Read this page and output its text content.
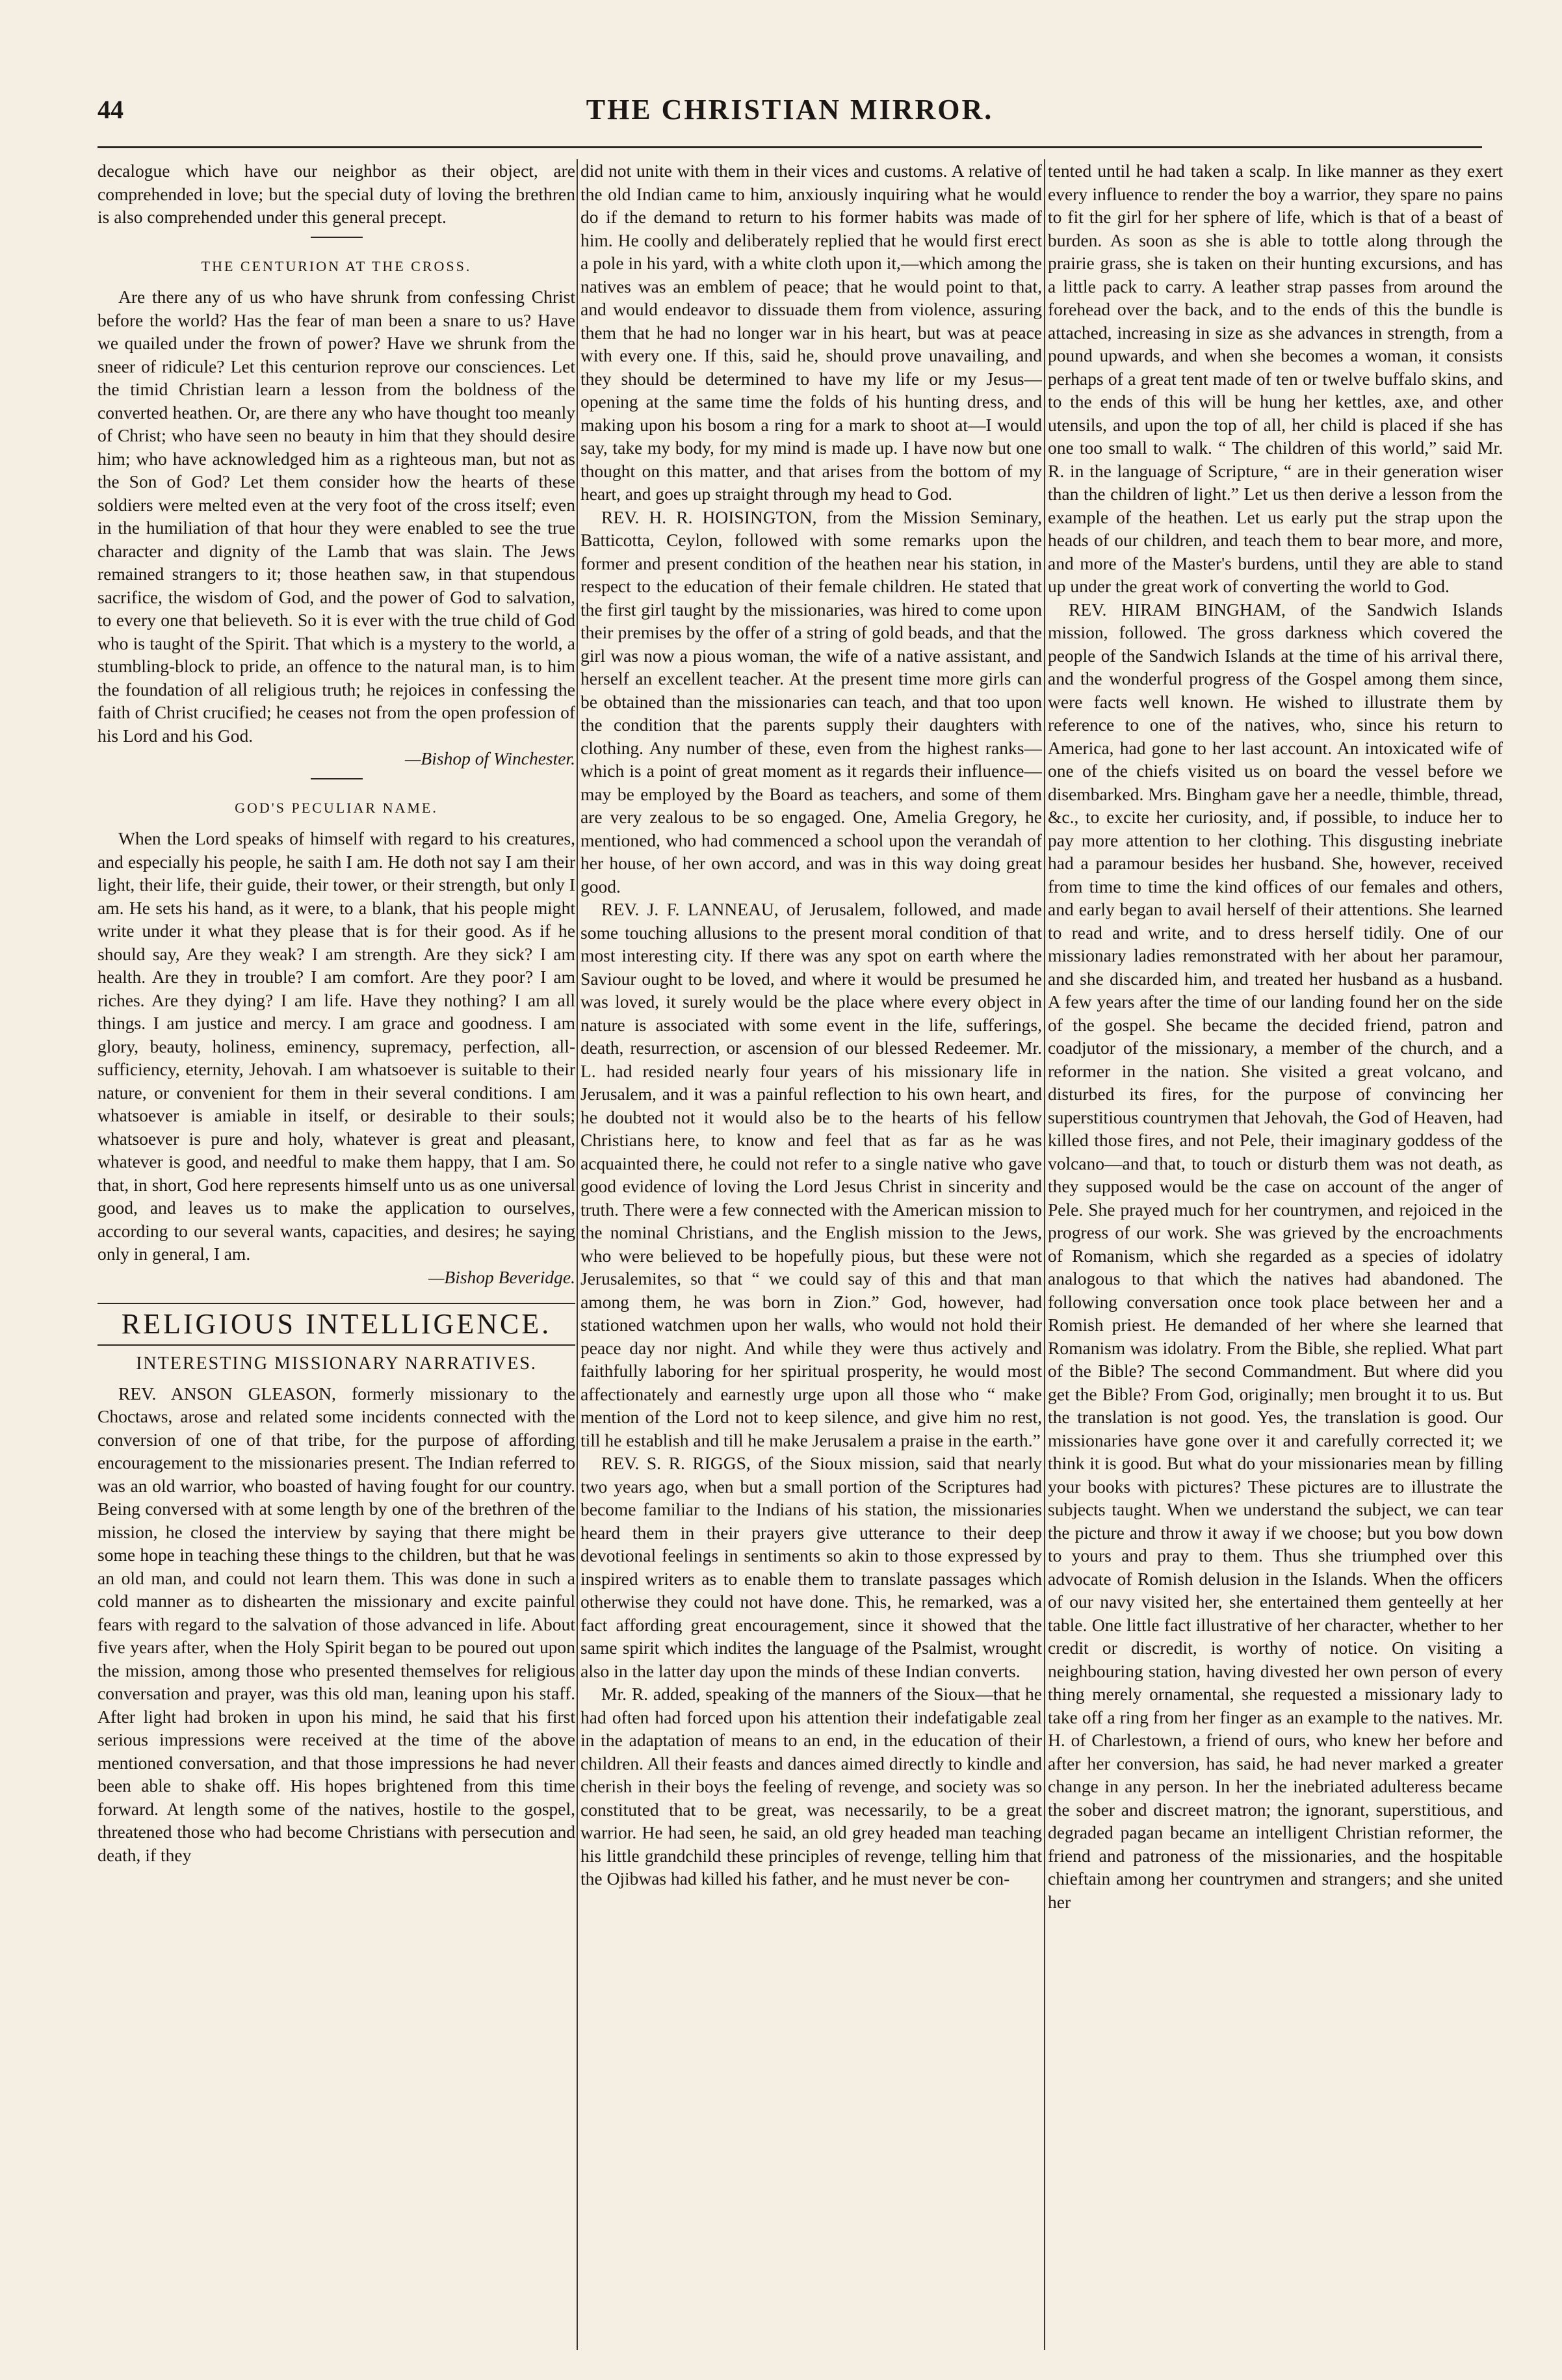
44	THE CHRISTIAN MIRROR.

decalogue which have our neighbor as their object, are comprehended in love; but the special duty of loving the brethren is also comprehended under this general precept.

THE CENTURION AT THE CROSS.

Are there any of us who have shrunk from confessing Christ before the world? Has the fear of man been a snare to us? Have we quailed under the frown of power? Have we shrunk from the sneer of ridicule? Let this centurion reprove our consciences. Let the timid Christian learn a lesson from the boldness of the converted heathen. Or, are there any who have thought too meanly of Christ; who have seen no beauty in him that they should desire him; who have acknowledged him as a righteous man, but not as the Son of God? Let them consider how the hearts of these soldiers were melted even at the very foot of the cross itself; even in the humiliation of that hour they were enabled to see the true character and dignity of the Lamb that was slain. The Jews remained strangers to it; those heathen saw, in that stupendous sacrifice, the wisdom of God, and the power of God to salvation, to every one that believeth. So it is ever with the true child of God who is taught of the Spirit. That which is a mystery to the world, a stumbling-block to pride, an offence to the natural man, is to him the foundation of all religious truth; he rejoices in confessing the faith of Christ crucified; he ceases not from the open profession of his Lord and his God.

—Bishop of Winchester.

GOD'S PECULIAR NAME.

When the Lord speaks of himself with regard to his creatures, and especially his people, he saith I am. He doth not say I am their light, their life, their guide, their tower, or their strength, but only I am. He sets his hand, as it were, to a blank, that his people might write under it what they please that is for their good. As if he should say, Are they weak? I am strength. Are they sick? I am health. Are they in trouble? I am comfort. Are they poor? I am riches. Are they dying? I am life. Have they nothing? I am all things. I am justice and mercy. I am grace and goodness. I am glory, beauty, holiness, eminency, supremacy, perfection, all-sufficiency, eternity, Jehovah. I am whatsoever is suitable to their nature, or convenient for them in their several conditions. I am whatsoever is amiable in itself, or desirable to their souls; whatsoever is pure and holy, whatever is great and pleasant, whatever is good, and needful to make them happy, that I am. So that, in short, God here represents himself unto us as one universal good, and leaves us to make the application to ourselves, according to our several wants, capacities, and desires; he saying only in general, I am.

—Bishop Beveridge.

RELIGIOUS INTELLIGENCE.
INTERESTING MISSIONARY NARRATIVES.

REV. ANSON GLEASON, formerly missionary to the Choctaws, arose and related some incidents connected with the conversion of one of that tribe, for the purpose of affording encouragement to the missionaries present. The Indian referred to was an old warrior, who boasted of having fought for our country. Being conversed with at some length by one of the brethren of the mission, he closed the interview by saying that there might be some hope in teaching these things to the children, but that he was an old man, and could not learn them. This was done in such a cold manner as to dishearten the missionary and excite painful fears with regard to the salvation of those advanced in life. About five years after, when the Holy Spirit began to be poured out upon the mission, among those who presented themselves for religious conversation and prayer, was this old man, leaning upon his staff. After light had broken in upon his mind, he said that his first serious impressions were received at the time of the above mentioned conversation, and that those impressions he had never been able to shake off. His hopes brightened from this time forward. At length some of the natives, hostile to the gospel, threatened those who had become Christians with persecution and death, if they

did not unite with them in their vices and customs. A relative of the old Indian came to him, anxiously inquiring what he would do if the demand to return to his former habits was made of him. He coolly and deliberately replied that he would first erect a pole in his yard, with a white cloth upon it,—which among the natives was an emblem of peace; that he would point to that, and would endeavor to dissuade them from violence, assuring them that he had no longer war in his heart, but was at peace with every one. If this, said he, should prove unavailing, and they should be determined to have my life or my Jesus—opening at the same time the folds of his hunting dress, and making upon his bosom a ring for a mark to shoot at—I would say, take my body, for my mind is made up. I have now but one thought on this matter, and that arises from the bottom of my heart, and goes up straight through my head to God.

REV. H. R. HOISINGTON, from the Mission Seminary, Batticotta, Ceylon, followed with some remarks upon the former and present condition of the heathen near his station, in respect to the education of their female children. He stated that the first girl taught by the missionaries, was hired to come upon their premises by the offer of a string of gold beads, and that the girl was now a pious woman, the wife of a native assistant, and herself an excellent teacher. At the present time more girls can be obtained than the missionaries can teach, and that too upon the condition that the parents supply their daughters with clothing. Any number of these, even from the highest ranks—which is a point of great moment as it regards their influence—may be employed by the Board as teachers, and some of them are very zealous to be so engaged. One, Amelia Gregory, he mentioned, who had commenced a school upon the verandah of her house, of her own accord, and was in this way doing great good.

REV. J. F. LANNEAU, of Jerusalem, followed, and made some touching allusions to the present moral condition of that most interesting city. If there was any spot on earth where the Saviour ought to be loved, and where it would be presumed he was loved, it surely would be the place where every object in nature is associated with some event in the life, sufferings, death, resurrection, or ascension of our blessed Redeemer. Mr. L. had resided nearly four years of his missionary life in Jerusalem, and it was a painful reflection to his own heart, and he doubted not it would also be to the hearts of his fellow Christians here, to know and feel that as far as he was acquainted there, he could not refer to a single native who gave good evidence of loving the Lord Jesus Christ in sincerity and truth. There were a few connected with the American mission to the nominal Christians, and the English mission to the Jews, who were believed to be hopefully pious, but these were not Jerusalemites, so that “ we could say of this and that man among them, he was born in Zion.” God, however, had stationed watchmen upon her walls, who would not hold their peace day nor night. And while they were thus actively and faithfully laboring for her spiritual prosperity, he would most affectionately and earnestly urge upon all those who “ make mention of the Lord not to keep silence, and give him no rest, till he establish and till he make Jerusalem a praise in the earth.”

REV. S. R. RIGGS, of the Sioux mission, said that nearly two years ago, when but a small portion of the Scriptures had become familiar to the Indians of his station, the missionaries heard them in their prayers give utterance to their deep devotional feelings in sentiments so akin to those expressed by inspired writers as to enable them to translate passages which otherwise they could not have done. This, he remarked, was a fact affording great encouragement, since it showed that the same spirit which indites the language of the Psalmist, wrought also in the latter day upon the minds of these Indian converts.

Mr. R. added, speaking of the manners of the Sioux—that he had often had forced upon his attention their indefatigable zeal in the adaptation of means to an end, in the education of their children. All their feasts and dances aimed directly to kindle and cherish in their boys the feeling of revenge, and society was so constituted that to be great, was necessarily, to be a great warrior. He had seen, he said, an old grey headed man teaching his little grandchild these principles of revenge, telling him that the Ojibwas had killed his father, and he must never be con-

tented until he had taken a scalp. In like manner as they exert every influence to render the boy a warrior, they spare no pains to fit the girl for her sphere of life, which is that of a beast of burden. As soon as she is able to tottle along through the prairie grass, she is taken on their hunting excursions, and has a little pack to carry. A leather strap passes from around the forehead over the back, and to the ends of this the bundle is attached, increasing in size as she advances in strength, from a pound upwards, and when she becomes a woman, it consists perhaps of a great tent made of ten or twelve buffalo skins, and to the ends of this will be hung her kettles, axe, and other utensils, and upon the top of all, her child is placed if she has one too small to walk. “ The children of this world,” said Mr. R. in the language of Scripture, “ are in their generation wiser than the children of light.” Let us then derive a lesson from the example of the heathen. Let us early put the strap upon the heads of our children, and teach them to bear more, and more, and more of the Master's burdens, until they are able to stand up under the great work of converting the world to God.

REV. HIRAM BINGHAM, of the Sandwich Islands mission, followed. The gross darkness which covered the people of the Sandwich Islands at the time of his arrival there, and the wonderful progress of the Gospel among them since, were facts well known. He wished to illustrate them by reference to one of the natives, who, since his return to America, had gone to her last account. An intoxicated wife of one of the chiefs visited us on board the vessel before we disembarked. Mrs. Bingham gave her a needle, thimble, thread, &c., to excite her curiosity, and, if possible, to induce her to pay more attention to her clothing. This disgusting inebriate had a paramour besides her husband. She, however, received from time to time the kind offices of our females and others, and early began to avail herself of their attentions. She learned to read and write, and to dress herself tidily. One of our missionary ladies remonstrated with her about her paramour, and she discarded him, and treated her husband as a husband. A few years after the time of our landing found her on the side of the gospel. She became the decided friend, patron and coadjutor of the missionary, a member of the church, and a reformer in the nation. She visited a great volcano, and disturbed its fires, for the purpose of convincing her superstitious countrymen that Jehovah, the God of Heaven, had killed those fires, and not Pele, their imaginary goddess of the volcano—and that, to touch or disturb them was not death, as they supposed would be the case on account of the anger of Pele. She prayed much for her countrymen, and rejoiced in the progress of our work. She was grieved by the encroachments of Romanism, which she regarded as a species of idolatry analogous to that which the natives had abandoned. The following conversation once took place between her and a Romish priest. He demanded of her where she learned that Romanism was idolatry. From the Bible, she replied. What part of the Bible? The second Commandment. But where did you get the Bible? From God, originally; men brought it to us. But the translation is not good. Yes, the translation is good. Our missionaries have gone over it and carefully corrected it; we think it is good. But what do your missionaries mean by filling your books with pictures? These pictures are to illustrate the subjects taught. When we understand the subject, we can tear the picture and throw it away if we choose; but you bow down to yours and pray to them. Thus she triumphed over this advocate of Romish delusion in the Islands. When the officers of our navy visited her, she entertained them genteelly at her table. One little fact illustrative of her character, whether to her credit or discredit, is worthy of notice. On visiting a neighbouring station, having divested her own person of every thing merely ornamental, she requested a missionary lady to take off a ring from her finger as an example to the natives. Mr. H. of Charlestown, a friend of ours, who knew her before and after her conversion, has said, he had never marked a greater change in any person. In her the inebriated adulteress became the sober and discreet matron; the ignorant, superstitious, and degraded pagan became an intelligent Christian reformer, the friend and patroness of the missionaries, and the hospitable chieftain among her countrymen and strangers; and she united her
